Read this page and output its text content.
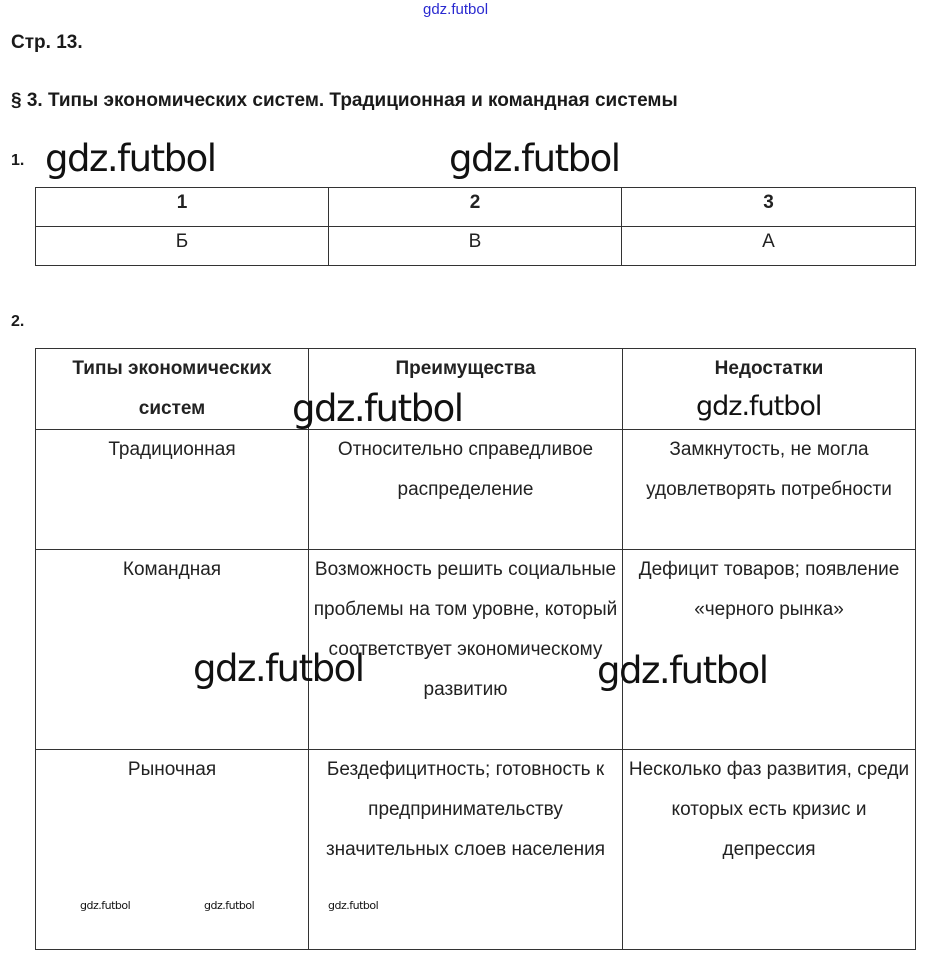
gdz.futbol
Стр. 13.
§ 3. Типы экономических систем. Традиционная и командная системы
1. gdz.futbol	gdz.futbol
1	2	3
Б	В	А
2.
Типы экономических систем	Преимущества	Недостатки
Традиционная	Относительно справедливое распределение	Замкнутость, не могла удовлетворять потребности
Командная	Возможность решить социальные проблемы на том уровне, который соответствует экономическому развитию	Дефицит товаров; появление «черного рынка»
Рыночная	Бездефицитность; готовность к предпринимательству значительных слоев населения	Несколько фаз развития, среди которых есть кризис и депрессия
gdz.futbol	gdz.futbol
gdz.futbol	gdz.futbol
gdz.futbol	gdz.futbol	gdz.futbol
